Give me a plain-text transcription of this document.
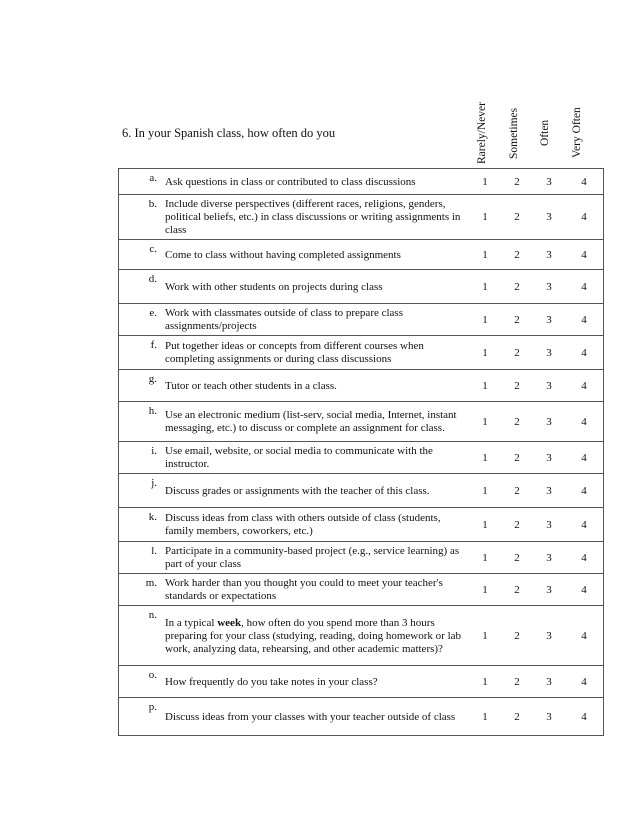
6. In your Spanish class, how often do you	Rarely/Never Sometimes Often Very Often
a.	Ask questions in class or contributed to class discussions	1	2	3	4
b.	Include diverse perspectives (different races, religions, genders, political beliefs, etc.) in class discussions or writing assignments in class	1	2	3	4
c.	Come to class without having completed assignments	1	2	3	4
d.	Work with other students on projects during class	1	2	3	4
e.	Work with classmates outside of class to prepare class assignments/projects	1	2	3	4
f.	Put together ideas or concepts from different courses when completing assignments or during class discussions	1	2	3	4
g.	Tutor or teach other students in a class.	1	2	3	4
h.	Use an electronic medium (list-serv, social media, Internet, instant messaging, etc.) to discuss or complete an assignment for class.	1	2	3	4
i.	Use email, website, or social media to communicate with the instructor.	1	2	3	4
j.	Discuss grades or assignments with the teacher of this class.	1	2	3	4
k.	Discuss ideas from class with others outside of class (students, family members, coworkers, etc.)	1	2	3	4
l.	Participate in a community-based project (e.g., service learning) as part of your class	1	2	3	4
m.	Work harder than you thought you could to meet your teacher's standards or expectations	1	2	3	4
n.	In a typical week, how often do you spend more than 3 hours preparing for your class (studying, reading, doing homework or lab work, analyzing data, rehearsing, and other academic matters)?	1	2	3	4
o.	How frequently do you take notes in your class?	1	2	3	4
p.	Discuss ideas from your classes with your teacher outside of class	1	2	3	4
